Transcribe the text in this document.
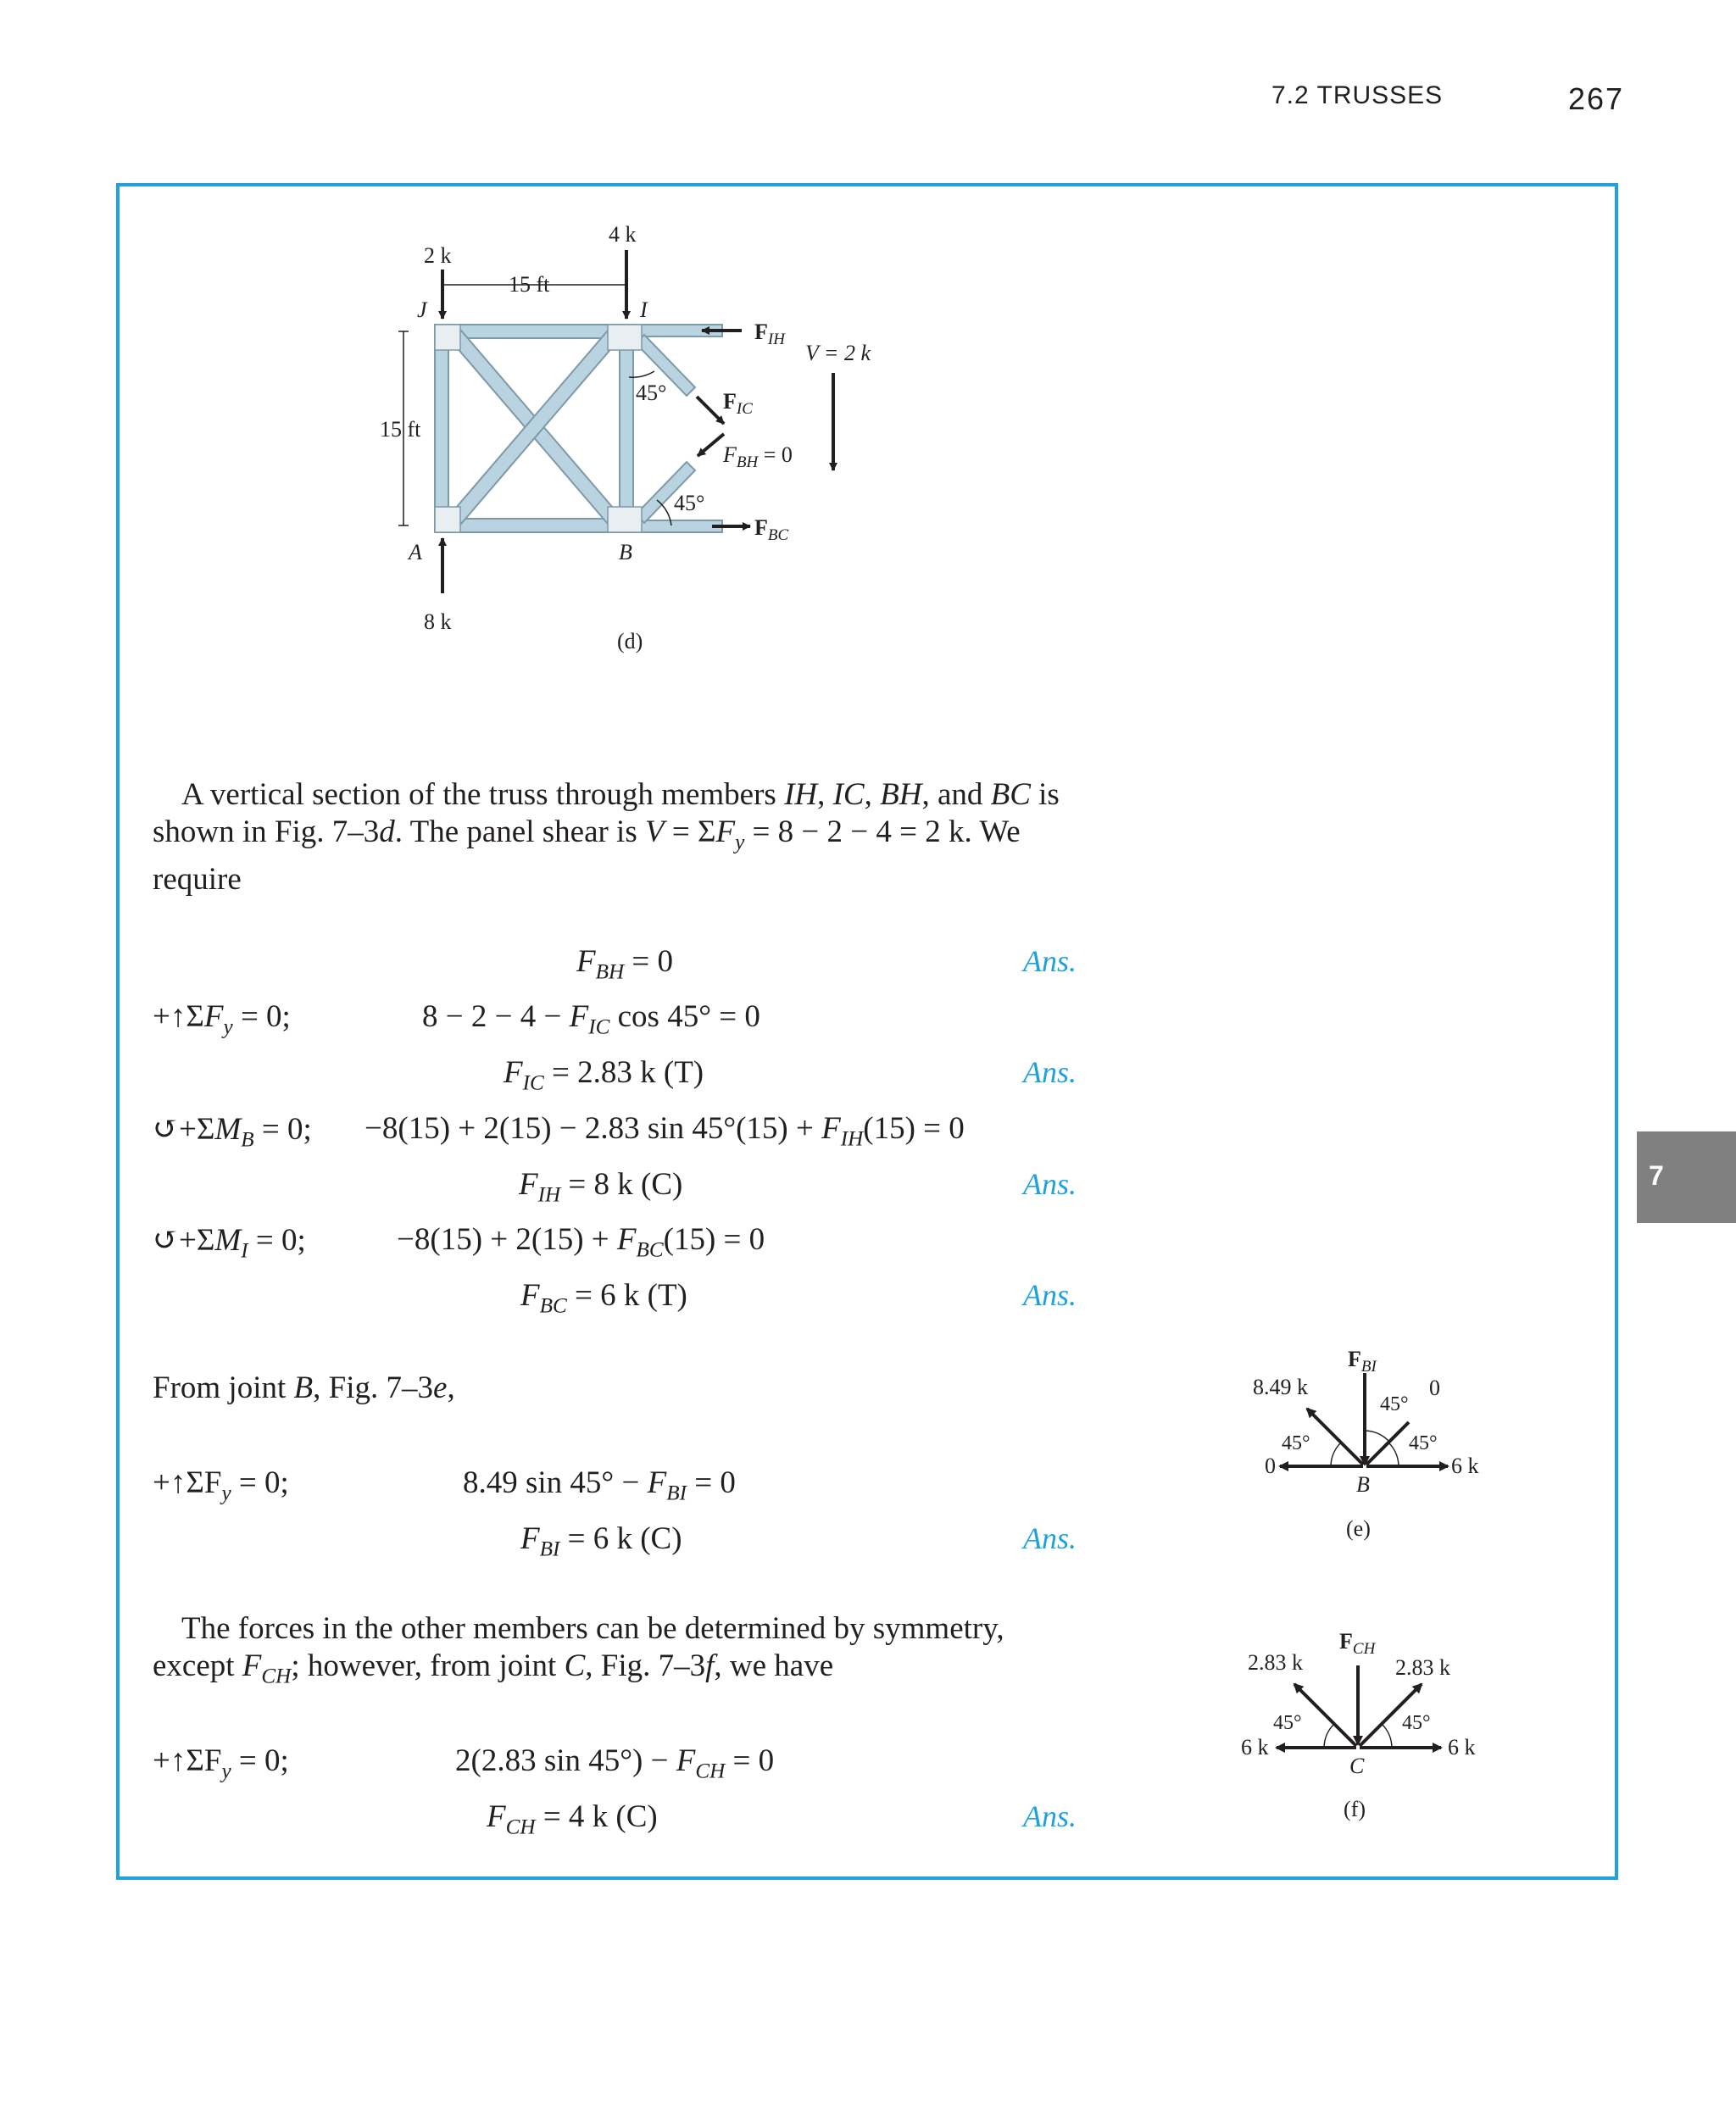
7.2 TRUSSES	267
7
2 k
4 k
15 ft
J	I
15 ft
A	B
8 k
(d)
45°
45°
V = 2 k
$F_{IH}$
$F_{IC}$
$F_{BH} = 0$
$F_{BC}$
A vertical section of the truss through members IH, IC, BH, and BC is shown in Fig. 7–3d. The panel shear is $V = \Sigma F_y = 8 - 2 - 4 = 2$ k. We require
$F_{BH} = 0$	Ans.
$+↑\Sigma F_y = 0$;	$8 - 2 - 4 - F_{IC}$ cos 45° = 0
$F_{IC} = 2.83$ k (T)	Ans.
$↺+\Sigma M_B = 0$; −8(15) + 2(15) − 2.83 $\sin 45^\circ(15) + F_{IH}(15) = 0$
$F_{IH} = 8$ k (C)	Ans.
$↺+\Sigma M_I = 0$;	$-8(15) + 2(15) + F_{BC}(15) = 0$
$F_{BC} = 6$ k (T)	Ans.
From joint B, Fig. 7–3e,
$+↑\Sigma F_y = 0$;	8.49 $\sin 45^\circ - F_{BI} = 0$
$F_{BI} = 6$ k (C)	Ans.
The forces in the other members can be determined by symmetry, except $F_{CH}$; however, from joint C, Fig. 7–3f, we have
$+↑\Sigma F_y = 0$;	2(2.83 $\sin 45^\circ) - F_{CH} = 0$
$F_{CH} = 4$ k (C)	Ans.
$F_{BI}$
8.49 k	0
45°
45°	45°
0	6 k
B
(e)
$F_{CH}$
2.83 k	2.83 k
45°	45°
6 k	6 k
C
(f)
